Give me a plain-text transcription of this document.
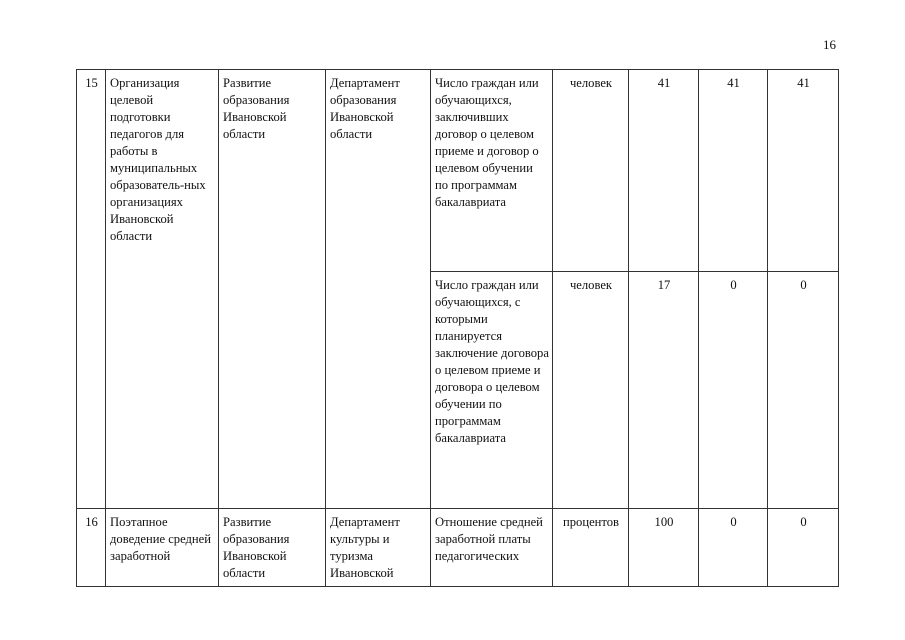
16
15	Организация целевой подготовки педагогов для работы в муниципальных образователь-ных организациях Ивановской области	Развитие образования Ивановской области	Департамент образования Ивановской области	Число граждан или обучающихся, заключивших договор о целевом приеме и договор о целевом обучении по программам бакалавриата	человек	41	41	41
				Число граждан или обучающихся, с которыми планируется заключение договора о целевом приеме и договора о целевом обучении по программам бакалавриата	человек	17	0	0
16	Поэтапное доведение средней заработной	Развитие образования Ивановской области	Департамент культуры и туризма Ивановской	Отношение средней заработной платы педагогических	процентов	100	0	0
